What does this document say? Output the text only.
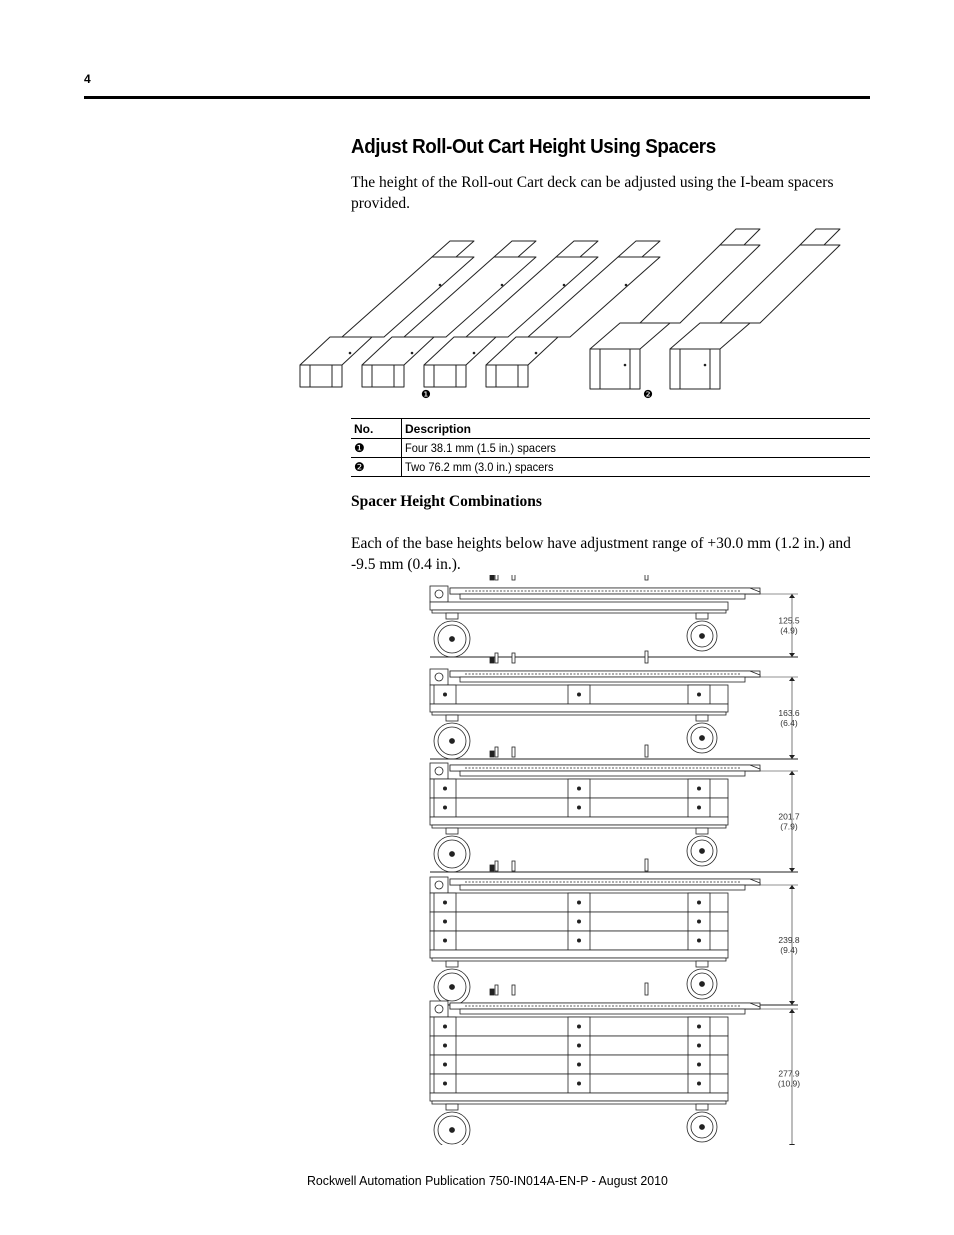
4
Adjust Roll-Out Cart Height Using Spacers
The height of the Roll-out Cart deck can be adjusted using the I-beam spacers provided.
❶	❷
No.	Description
❶	Four 38.1 mm (1.5 in.) spacers
❷	Two 76.2 mm (3.0 in.) spacers
Spacer Height Combinations
Each of the base heights below have adjustment range of +30.0 mm (1.2 in.) and -9.5 mm (0.4 in.).
125.5
(4.9)
163.6
(6.4)
201.7
(7.9)
239.8
(9.4)
277.9
(10.9)
Rockwell Automation Publication 750-IN014A-EN-P - August 2010
